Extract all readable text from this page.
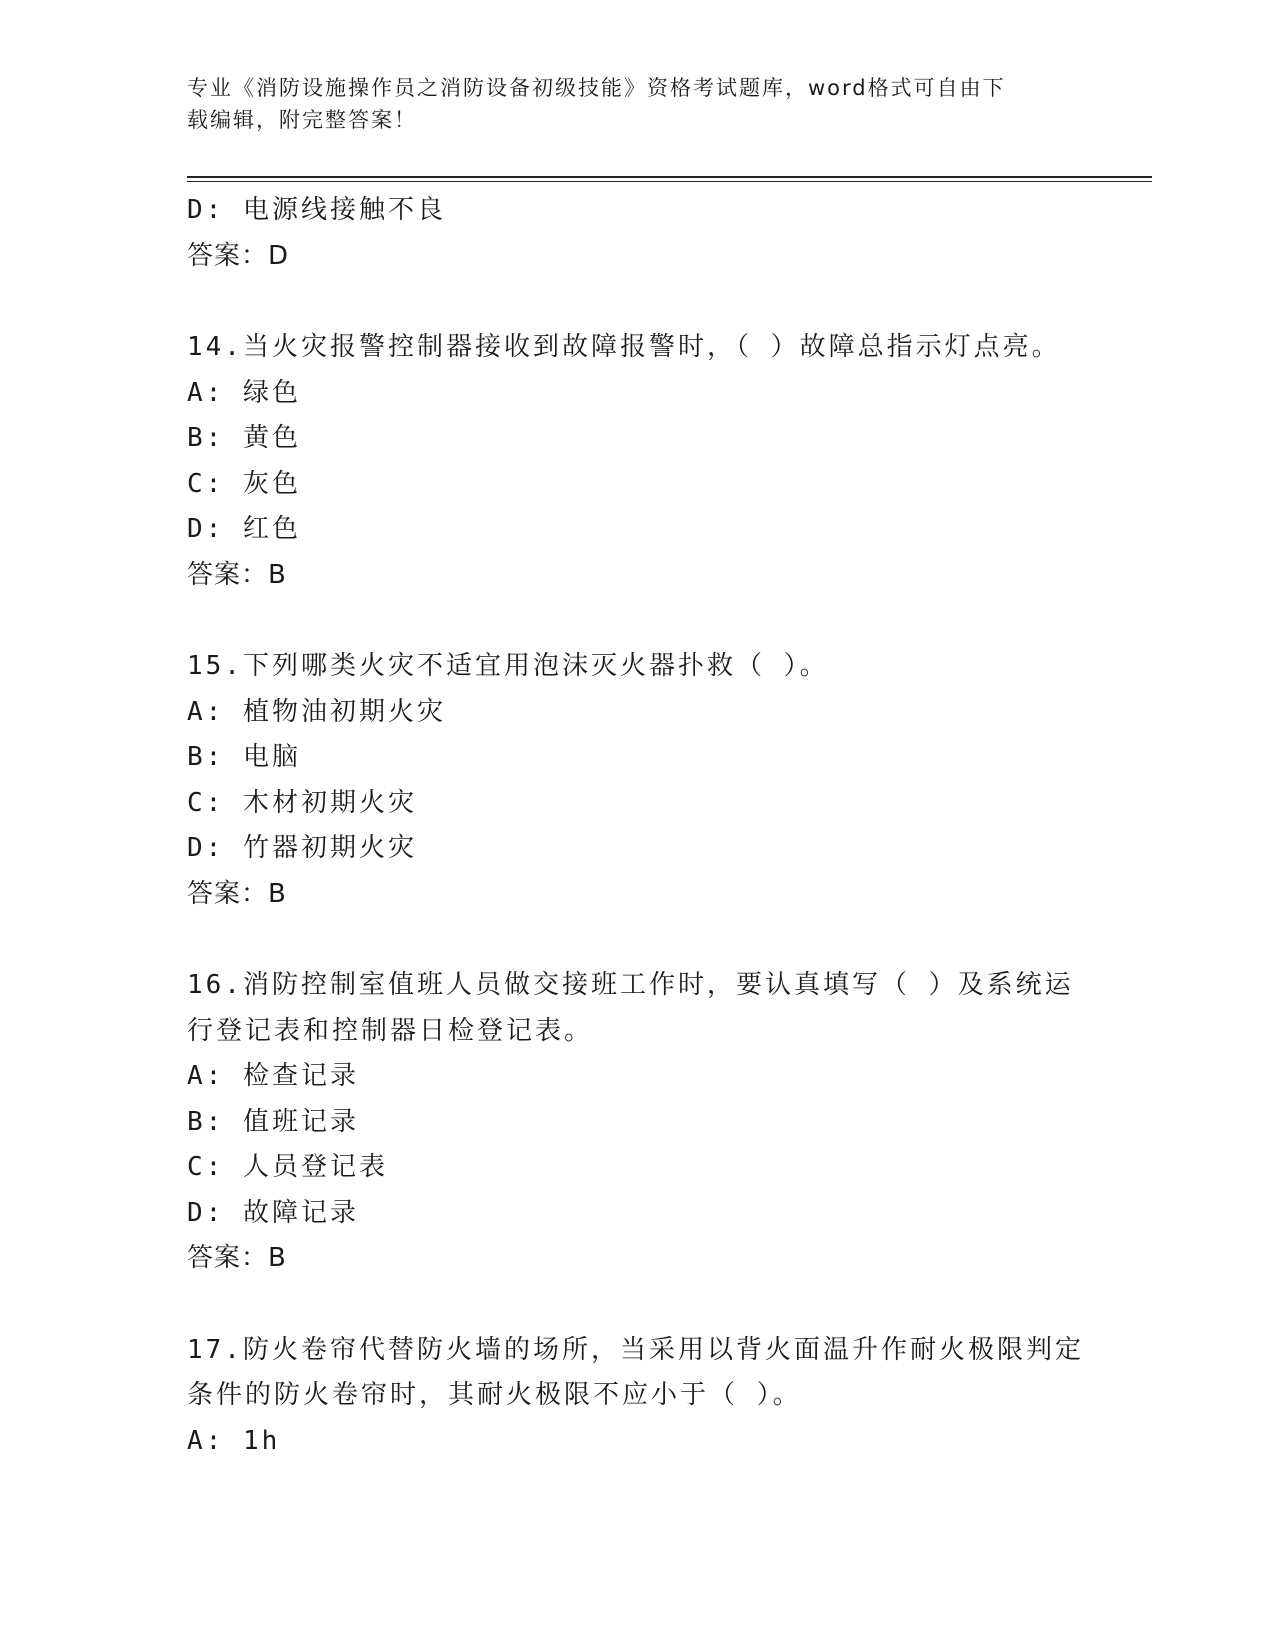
专业《消防设施操作员之消防设备初级技能》资格考试题库，word格式可自由下
载编辑，附完整答案！
D: 电源线接触不良
答案：D
14.当火灾报警控制器接收到故障报警时，（ ）故障总指示灯点亮。
A: 绿色
B: 黄色
C: 灰色
D: 红色
答案：B
15.下列哪类火灾不适宜用泡沫灭火器扑救（ ）。
A: 植物油初期火灾
B: 电脑
C: 木材初期火灾
D: 竹器初期火灾
答案：B
16.消防控制室值班人员做交接班工作时，要认真填写（ ）及系统运
行登记表和控制器日检登记表。
A: 检查记录
B: 值班记录
C: 人员登记表
D: 故障记录
答案：B
17.防火卷帘代替防火墙的场所，当采用以背火面温升作耐火极限判定
条件的防火卷帘时，其耐火极限不应小于（ ）。
A: 1h
